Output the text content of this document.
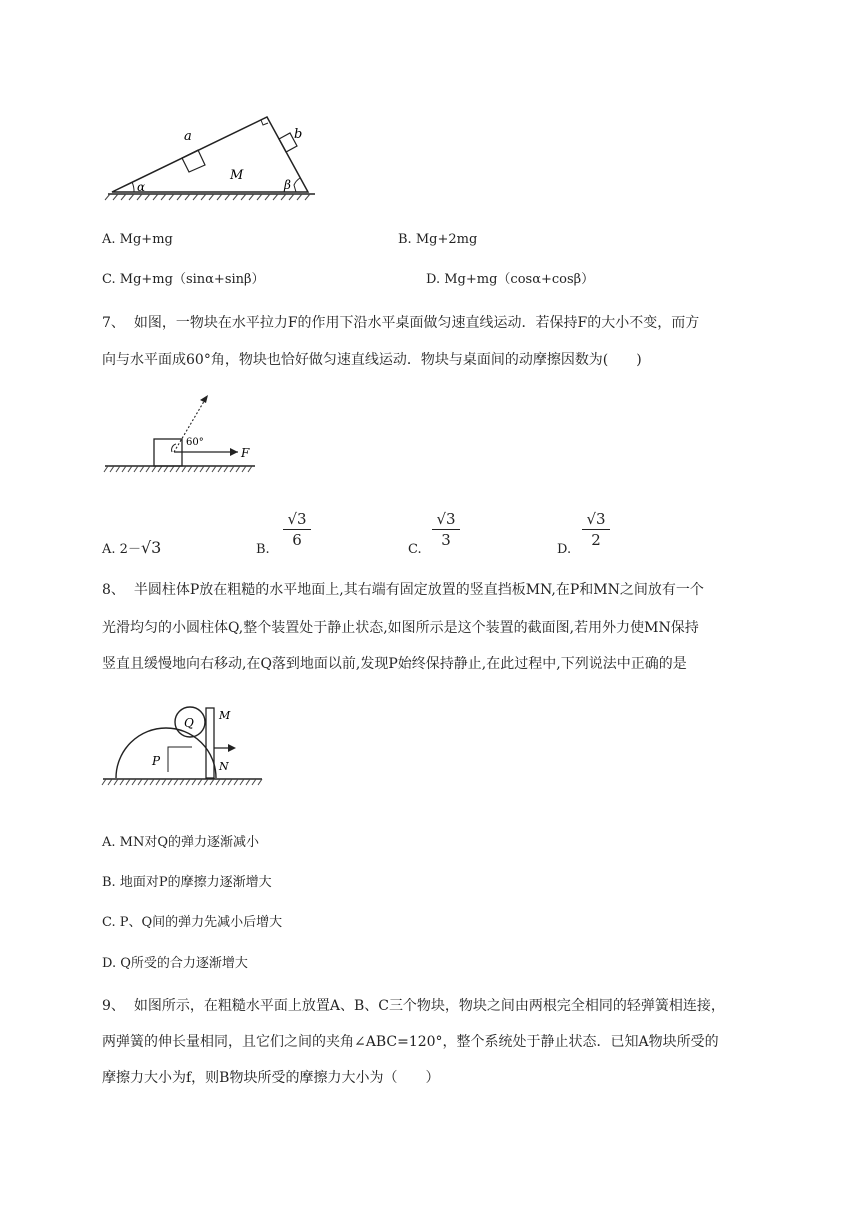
a	b
M
α	β
A. Mg+mg	B. Mg+2mg
C. Mg+mg（sinα+sinβ）	D. Mg+mg（cosα+cosβ）
7、 如图，一物块在水平拉力F的作用下沿水平桌面做匀速直线运动．若保持F的大小不变，而方
向与水平面成60°角，物块也恰好做匀速直线运动．物块与桌面间的动摩擦因数为(　　)
60°
F
A. 2－√3	B.
$\frac{√3}{6}$
C.
$\frac{√3}{3}$
D.
$\frac{√3}{2}$
8、 半圆柱体P放在粗糙的水平地面上,其右端有固定放置的竖直挡板MN,在P和MN之间放有一个
光滑均匀的小圆柱体Q,整个装置处于静止状态,如图所示是这个装置的截面图,若用外力使MN保持
竖直且缓慢地向右移动,在Q落到地面以前,发现P始终保持静止,在此过程中,下列说法中正确的是
P
Q
M
N
A. MN对Q的弹力逐渐减小
B. 地面对P的摩擦力逐渐增大
C. P、Q间的弹力先减小后增大
D. Q所受的合力逐渐增大
9、 如图所示，在粗糙水平面上放置A、B、C三个物块，物块之间由两根完全相同的轻弹簧相连接，
两弹簧的伸长量相同，且它们之间的夹角∠ABC=120°，整个系统处于静止状态．已知A物块所受的
摩擦力大小为f，则B物块所受的摩擦力大小为（　　）
